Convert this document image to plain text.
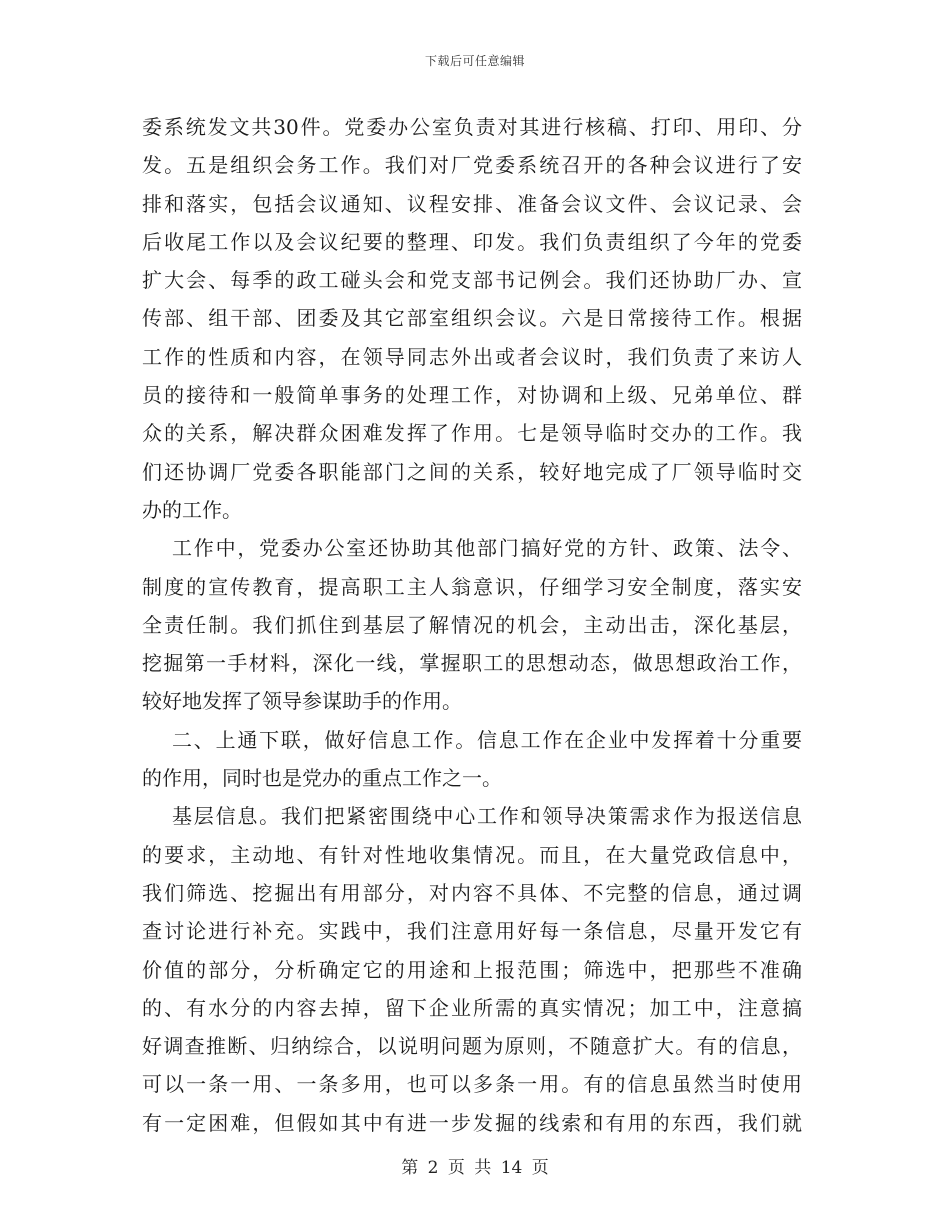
下载后可任意编辑
委系统发文共30件。党委办公室负责对其进行核稿、打印、用印、分
发。五是组织会务工作。我们对厂党委系统召开的各种会议进行了安
排和落实，包括会议通知、议程安排、准备会议文件、会议记录、会
后收尾工作以及会议纪要的整理、印发。我们负责组织了今年的党委
扩大会、每季的政工碰头会和党支部书记例会。我们还协助厂办、宣
传部、组干部、团委及其它部室组织会议。六是日常接待工作。根据
工作的性质和内容，在领导同志外出或者会议时，我们负责了来访人
员的接待和一般简单事务的处理工作，对协调和上级、兄弟单位、群
众的关系，解决群众困难发挥了作用。七是领导临时交办的工作。我
们还协调厂党委各职能部门之间的关系，较好地完成了厂领导临时交
办的工作。
工作中，党委办公室还协助其他部门搞好党的方针、政策、法令、
制度的宣传教育，提高职工主人翁意识，仔细学习安全制度，落实安
全责任制。我们抓住到基层了解情况的机会，主动出击，深化基层，
挖掘第一手材料，深化一线，掌握职工的思想动态，做思想政治工作，
较好地发挥了领导参谋助手的作用。
二、上通下联，做好信息工作。信息工作在企业中发挥着十分重要
的作用，同时也是党办的重点工作之一。
基层信息。我们把紧密围绕中心工作和领导决策需求作为报送信息
的要求，主动地、有针对性地收集情况。而且，在大量党政信息中，
我们筛选、挖掘出有用部分，对内容不具体、不完整的信息，通过调
查讨论进行补充。实践中，我们注意用好每一条信息，尽量开发它有
价值的部分，分析确定它的用途和上报范围；筛选中，把那些不准确
的、有水分的内容去掉，留下企业所需的真实情况；加工中，注意搞
好调查推断、归纳综合，以说明问题为原则，不随意扩大。有的信息，
可以一条一用、一条多用，也可以多条一用。有的信息虽然当时使用
有一定困难，但假如其中有进一步发掘的线索和有用的东西，我们就
第 2 页 共 14 页
